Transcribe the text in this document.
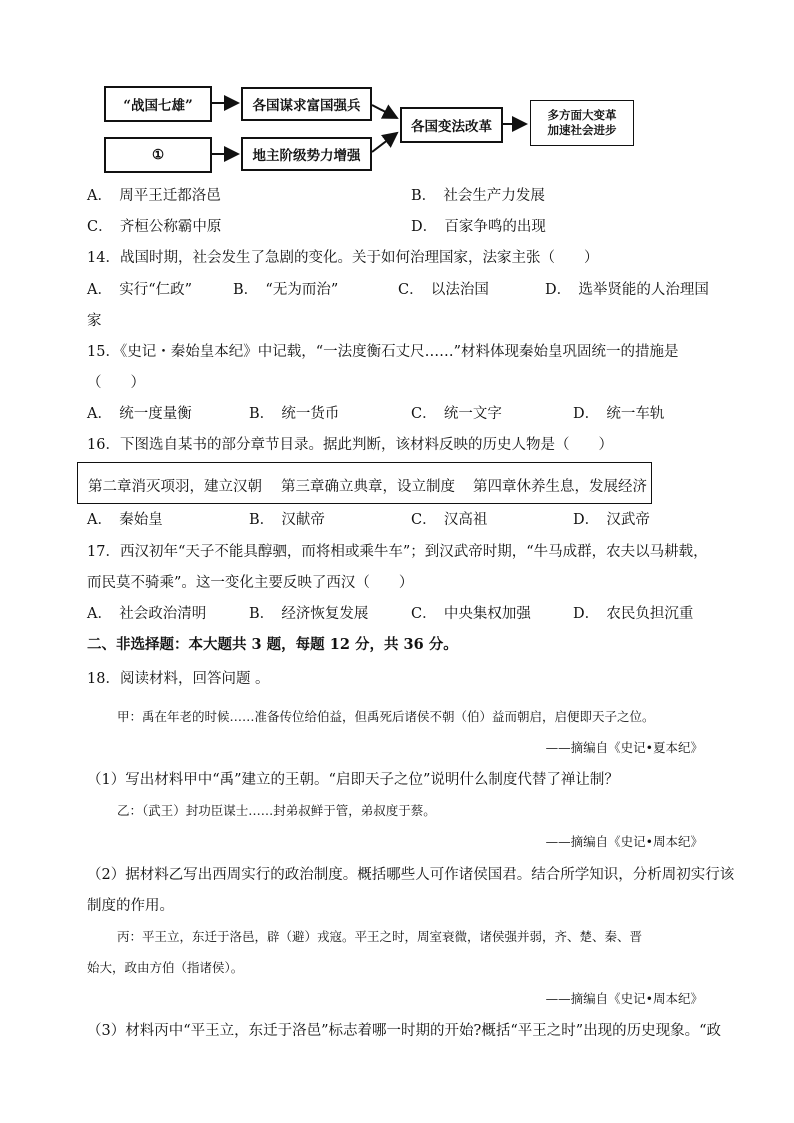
“战国七雄”
①
各国谋求富国强兵
地主阶级势力增强
各国变法改革
多方面大变革
加速社会进步
A．　周平王迁都洛邑	B．　社会生产力发展
C．　齐桓公称霸中原	D．　百家争鸣的出现
14．战国时期，社会发生了急剧的变化。关于如何治理国家，法家主张（　　）
A．　实行“仁政”	B．　“无为而治”	C．　以法治国	D．　选举贤能的人治理国
家
15．《史记・秦始皇本纪》中记载，“一法度衡石丈尺……”材料体现秦始皇巩固统一的措施是
（　　）
A．　统一度量衡	B．　统一货币	C．　统一文字	D．　统一车轨
16．下图选自某书的部分章节目录。据此判断，该材料反映的历史人物是（　　）
第二章消灭项羽，建立汉朝 第三章确立典章，设立制度 第四章休养生息，发展经济
A．　秦始皇	B．　汉献帝	C．　汉高祖	D．　汉武帝
17．西汉初年“天子不能具醇驷，而将相或乘牛车”；到汉武帝时期，“牛马成群，农夫以马耕载，
而民莫不骑乘”。这一变化主要反映了西汉（　　）
A．　社会政治清明	B．　经济恢复发展	C．　中央集权加强	D．　农民负担沉重
二、非选择题：本大题共 3 题，每题 12 分，共 36 分。
18．阅读材料，回答问题 。
甲：禹在年老的时候……准备传位给伯益，但禹死后诸侯不朝（伯）益而朝启，启便即天子之位。
——摘编自《史记•夏本纪》
（1）写出材料甲中“禹”建立的王朝。“启即天子之位”说明什么制度代替了禅让制？
乙：（武王）封功臣谋士……封弟叔鲜于管，弟叔度于蔡。
——摘编自《史记•周本纪》
（2）据材料乙写出西周实行的政治制度。概括哪些人可作诸侯国君。结合所学知识，分析周初实行该
制度的作用。
丙：平王立，东迁于洛邑，辟（避）戎寇。平王之时，周室衰微，诸侯强并弱，齐、楚、秦、晋
始大，政由方伯（指诸侯）。
——摘编自《史记•周本纪》
（3）材料丙中“平王立，东迁于洛邑”标志着哪一时期的开始?概括“平王之时”出现的历史现象。“政
